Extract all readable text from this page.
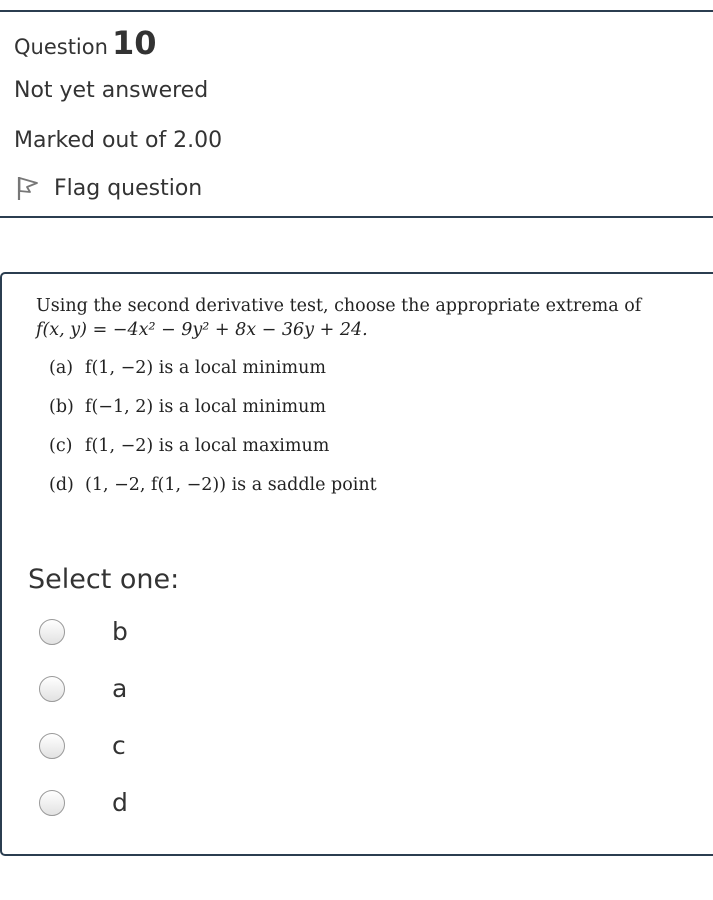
Question 10
Not yet answered
Marked out of 2.00
Flag question
Using the second derivative test, choose the appropriate extrema of
f(x, y) = −4x² − 9y² + 8x − 36y + 24.
(a) f(1, −2) is a local minimum
(b) f(−1, 2) is a local minimum
(c) f(1, −2) is a local maximum
(d) (1, −2, f(1, −2)) is a saddle point
Select one:
b
a
c
d
